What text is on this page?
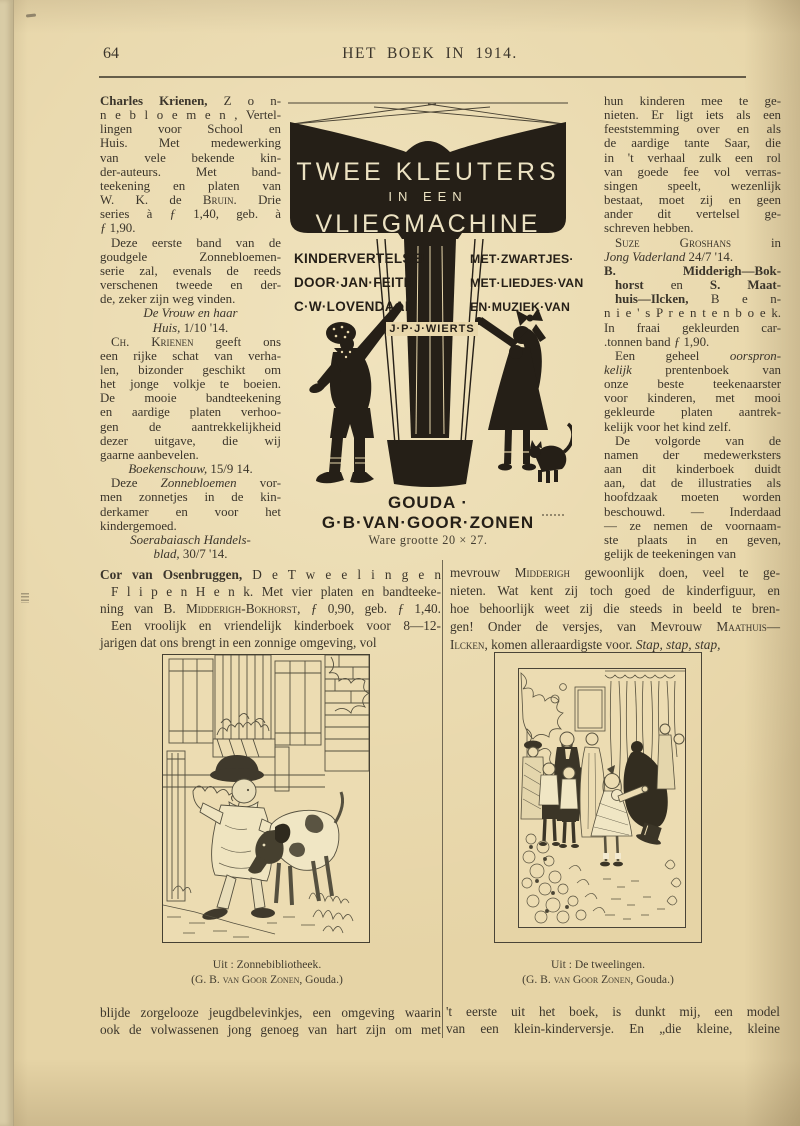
64	HET BOEK IN 1914.
Charles Krienen, Z o n-
n e b l o e m e n , Vertel-
lingen voor School en
Huis. Met medewerking
van vele bekende kin-
der-auteurs. Met band-
teekening en platen van
W. K. de Bruin. Drie
series à ƒ 1,40, geb. à
ƒ 1,90.
Deze eerste band van de
goudgele Zonnebloemen-
serie zal, evenals de reeds
verschenen tweede en der-
de, zeker zijn weg vinden.
De Vrouw en haar
Huis, 1/10 '14.
Ch. Krienen geeft ons
een rijke schat van verha-
len, bizonder geschikt om
het jonge volkje te boeien.
De mooie bandteekening
en aardige platen verhoo-
gen de aantrekkelijkheid
dezer uitgave, die wij
gaarne aanbevelen.
Boekenschouw, 15/9 14.
Deze Zonnebloemen vor-
men zonnetjes in de kin-
derkamer en voor het
kindergemoed.
Soerabaiasch Handels-
blad, 30/7 '14.
hun kinderen mee te ge-
nieten. Er ligt iets als een
feeststemming over en als
de aardige tante Saar, die
in 't verhaal zulk een rol
van goede fee vol verras-
singen speelt, wezenlijk
bestaat, moet zij en geen
ander dit vertelsel ge-
schreven hebben.
Suze Groshans in
Jong Vaderland 24/7 '14.
B. Midderigh—Bok-
horst en S. Maat-
huis—Ilcken, B e n-
n i e ' s P r e n t e n b o e k.
In fraai gekleurden car-
.tonnen band ƒ 1,90.
Een geheel oorspron-
kelijk prentenboek van
onze beste teekenaarster
voor kinderen, met mooi
gekleurde platen aantrek-
kelijk voor het kind zelf.
De volgorde van de
namen der medewerksters
aan dit kinderboek duidt
aan, dat de illustraties als
hoofdzaak moeten worden
beschouwd. — Inderdaad
— ze nemen de voornaam-
ste plaats in en geven,
gelijk de teekeningen van
TWEE KLEUTERS
IN EEN
VLIEGMACHINE
KINDERVERTELSEL
DOOR·JAN·FEITH
C·W·LOVENDAAL
MET·ZWARTJES·
MET·LIEDJES·VAN
EN·MUZIEK·VAN
J·P·J·WIERTS
GOUDA · G·B·VAN·GOOR·ZONEN
Ware grootte 20 × 27.
Cor van Osenbruggen, D e T w e e l i n g e n
F l i p e n H e n k. Met vier platen en bandteeke-
ning van B. Midderigh-Bokhorst, ƒ 0,90, geb. ƒ 1,40.
Een vroolijk en vriendelijk kinderboek voor 8—12-
jarigen dat ons brengt in een zonnige omgeving, vol
mevrouw Midderigh gewoonlijk doen, veel te ge-
nieten. Wat kent zij toch goed de kinderfiguur, en
hoe behoorlijk weet zij die steeds in beeld te bren-
gen! Onder de versjes, van Mevrouw Maathuis—
Ilcken, komen alleraardigste voor. Stap, stap, stap,
Uit : Zonnebibliotheek.
(G. B. van Goor Zonen, Gouda.)
Uit : De tweelingen.
(G. B. van Goor Zonen, Gouda.)
blijde zorgelooze jeugdbelevinkjes, een omgeving waarin
ook de volwassenen jong genoeg van hart zijn om met
't eerste uit het boek, is dunkt mij, een model
van een klein-kinderversje. En „die kleine, kleine
